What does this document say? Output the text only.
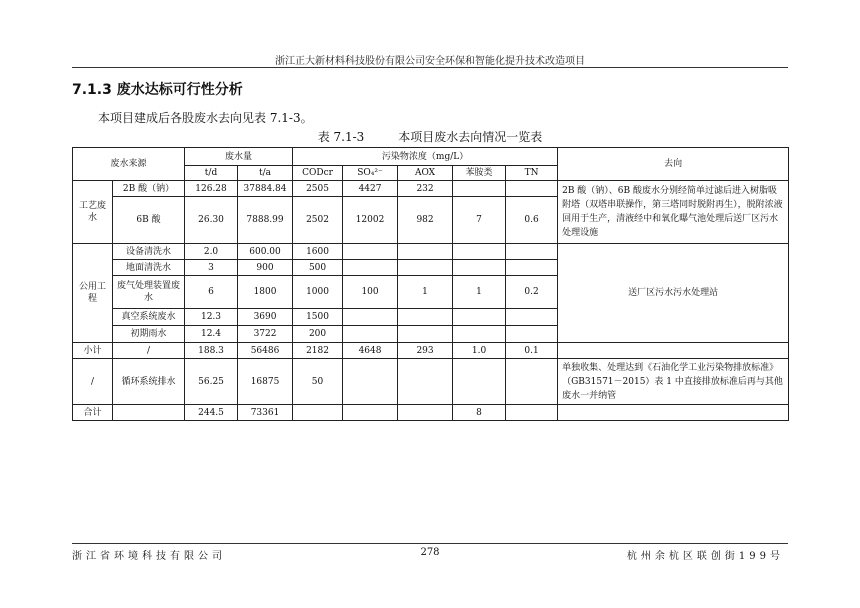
浙江正大新材料科技股份有限公司安全环保和智能化提升技术改造项目
7.1.3 废水达标可行性分析
本项目建成后各股废水去向见表 7.1-3。
表 7.1-3	本项目废水去向情况一览表
废水来源		废水量		污染物浓度（mg/L）					去向
		t/d	t/a	CODcr	SO₄²⁻	AOX	苯胺类	TN	
工艺废水	2B 酸（钠）	126.28	37884.84	2505	4427	232			2B 酸（钠）、6B 酸废水分别经简单过滤后进入树脂吸附塔（双塔串联操作，第三塔同时脱附再生），脱附浓液回用于生产，清液经中和氧化曝气池处理后送厂区污水处理设施
	6B 酸	26.30	7888.99	2502	12002	982	7	0.6	
公用工程	设备清洗水	2.0	600.00	1600					送厂区污水污水处理站
	地面清洗水	3	900	500					
	废气处理装置废水	6	1800	1000	100	1	1	0.2	
	真空系统废水	12.3	3690	1500					
	初期雨水	12.4	3722	200					
小计	/	188.3	56486	2182	4648	293	1.0	0.1	
/	循环系统排水	56.25	16875	50					单独收集、处理达到《石油化学工业污染物排放标准》（GB31571－2015）表 1 中直接排放标准后再与其他废水一并纳管
合计		244.5	73361				8		
浙江省环境科技有限公司	278	杭州余杭区联创街199号
